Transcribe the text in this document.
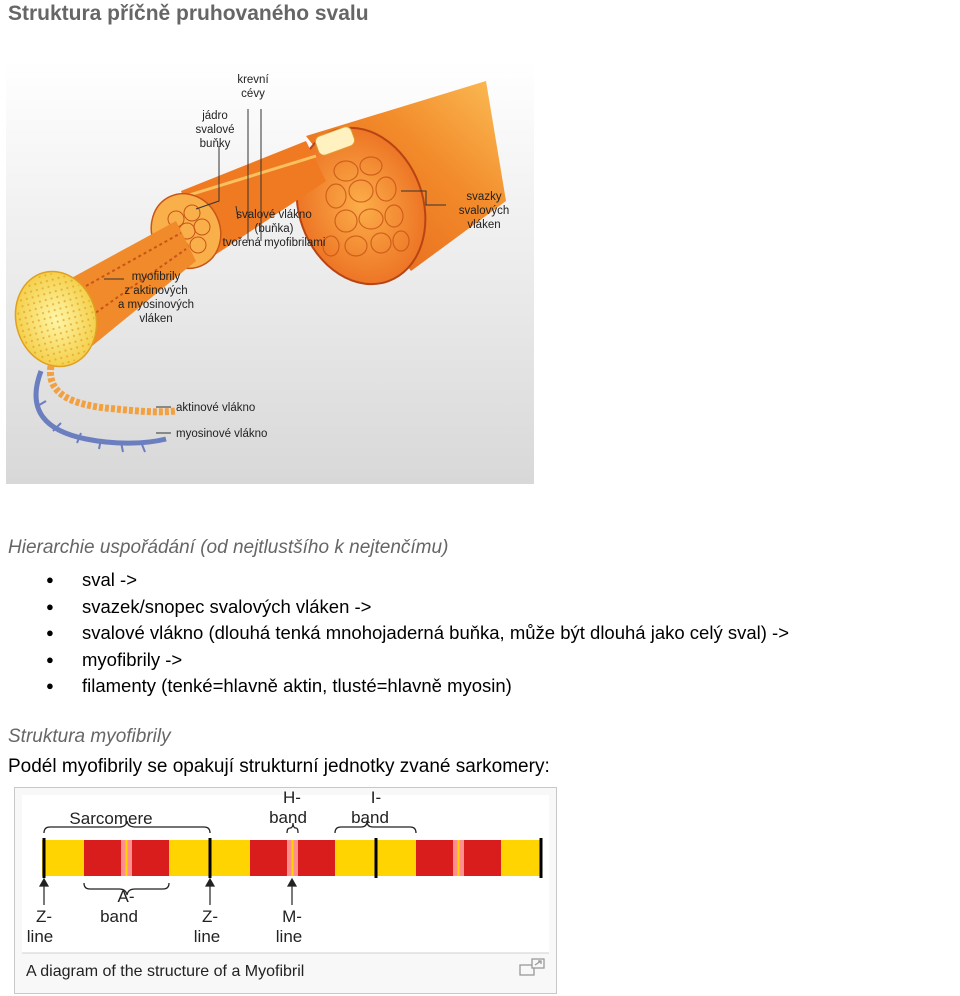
Struktura příčně pruhovaného svalu
krevní
cévy
jádro
svalové
buňky
svalové vlákno
(buňka)
tvořená myofibrilami
svazky
svalových
vláken
myofibrily
z aktinových
a myosinových
vláken
aktinové vlákno
myosinové vlákno
Hierarchie uspořádání (od nejtlustšího k nejtenčímu)
● sval ->
● svazek/snopec svalových vláken ->
● svalové vlákno (dlouhá tenká mnohojaderná buňka, může být dlouhá jako celý sval) ->
● myofibrily ->
● filamenty (tenké=hlavně aktin, tlusté=hlavně myosin)
Struktura myofibrily
Podél myofibrily se opakují strukturní jednotky zvané sarkomery:
Sarcomere
H-
band
I-
band
Z-
line
A-
band	Z-
line
M-
line
A diagram of the structure of a Myofibril
